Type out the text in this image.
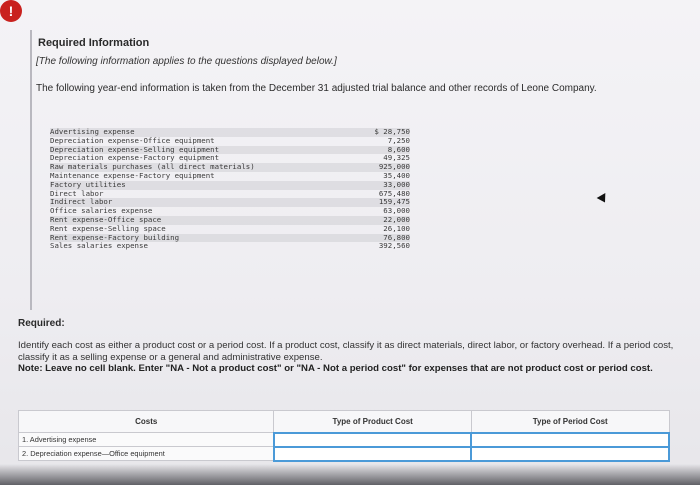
!
Required Information
[The following information applies to the questions displayed below.]
The following year-end information is taken from the December 31 adjusted trial balance and other records of Leone Company.
Advertising expense	$ 28,750
Depreciation expense-Office equipment	7,250
Depreciation expense-Selling equipment	8,600
Depreciation expense-Factory equipment	49,325
Raw materials purchases (all direct materials)	925,000
Maintenance expense-Factory equipment	35,400
Factory utilities	33,000
Direct labor	675,480
Indirect labor	159,475
Office salaries expense	63,000
Rent expense-Office space	22,000
Rent expense-Selling space	26,100
Rent expense-Factory building	76,800
Sales salaries expense	392,560
Required:
Identify each cost as either a product cost or a period cost. If a product cost, classify it as direct materials, direct labor, or factory overhead. If a period cost, classify it as a selling expense or a general and administrative expense.
Note: Leave no cell blank. Enter "NA - Not a product cost" or "NA - Not a period cost" for expenses that are not product cost or period cost.
Costs	Type of Product Cost	Type of Period Cost
1. Advertising expense		
2. Depreciation expense—Office equipment		
